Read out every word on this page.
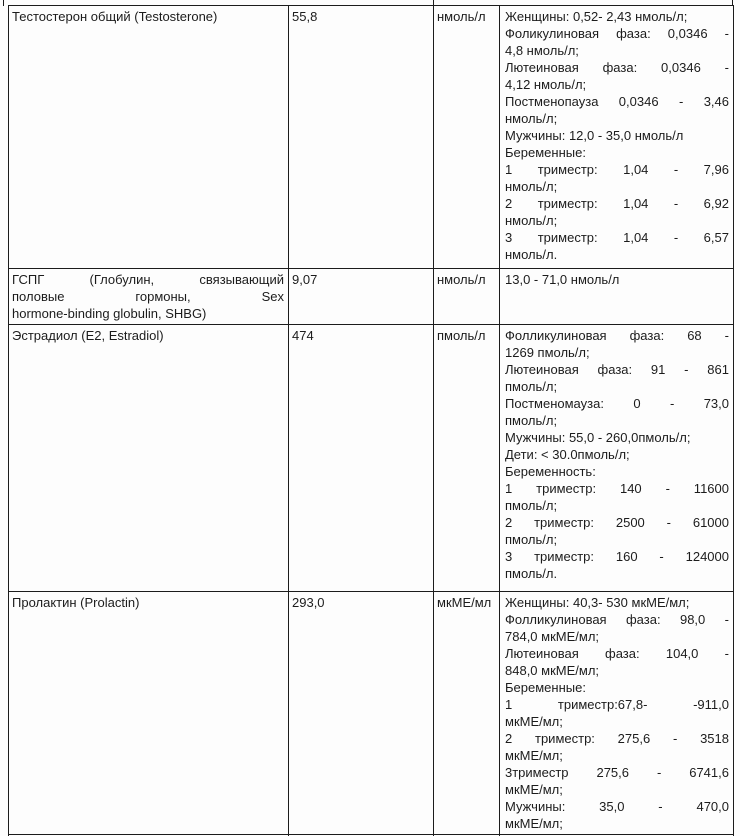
Тестостерон общий (Testosterone)	55,8	нмоль/л	Женщины: 0,52- 2,43 нмоль/л;
Фоликулиновая фаза: 0,0346 -
4,8 нмоль/л;
Лютеиновая фаза: 0,0346 -
4,12 нмоль/л;
Постменопауза 0,0346 - 3,46
нмоль/л;
Мужчины: 12,0 - 35,0 нмоль/л
Беременные:
1 триместр: 1,04 - 7,96
нмоль/л;
2 триместр: 1,04 - 6,92
нмоль/л;
3 триместр: 1,04 - 6,57
нмоль/л.

ГСПГ (Глобулин, связывающий
половые гормоны, Sex
hormone-binding globulin, SHBG)	9,07	нмоль/л	13,0 - 71,0 нмоль/л

Эстрадиол (E2, Estradiol)	474	пмоль/л	Фолликулиновая фаза: 68 -
1269 пмоль/л;
Лютеиновая фаза: 91 - 861
пмоль/л;
Постменомауза: 0 - 73,0
пмоль/л;
Мужчины: 55,0 - 260,0пмоль/л;
Дети: < 30.0пмоль/л;
Беременность:
1 триместр: 140 - 11600
пмоль/л;
2 триместр: 2500 - 61000
пмоль/л;
3 триместр: 160 - 124000
пмоль/л.

Пролактин (Prolactin)	293,0	мкМЕ/мл	Женщины: 40,3- 530 мкМЕ/мл;
Фолликулиновая фаза: 98,0 -
784,0 мкМЕ/мл;
Лютеиновая фаза: 104,0 -
848,0 мкМЕ/мл;
Беременные:
1 триместр:67,8- -911,0
мкМЕ/мл;
2 триместр: 275,6 - 3518
мкМЕ/мл;
3триместр 275,6 - 6741,6
мкМЕ/мл;
Мужчины: 35,0 - 470,0
мкМЕ/мл;
